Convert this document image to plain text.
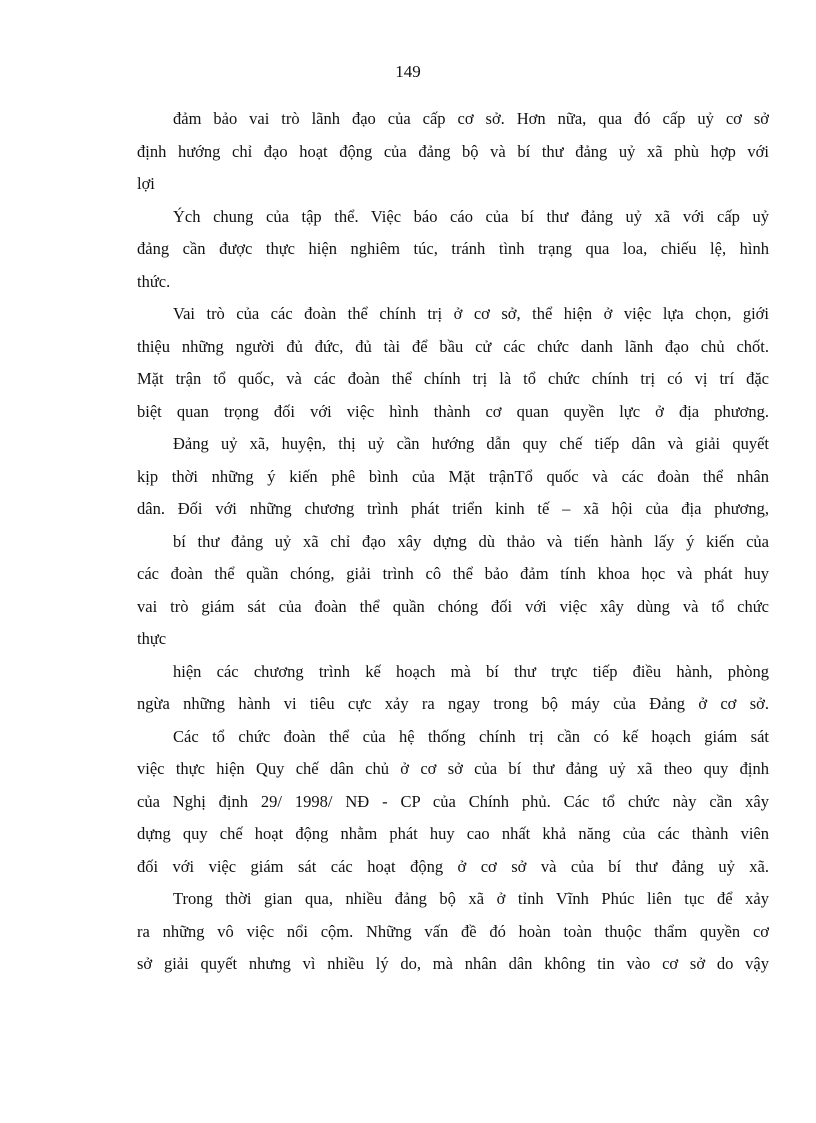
149
đảm bảo vai trò lãnh đạo của cấp cơ sở. Hơn nữa, qua đó cấp uỷ cơ sở
định hướng chỉ đạo hoạt động của đảng bộ và bí thư đảng uỷ xã phù hợp với
lợi
Ých chung của tập thể. Việc báo cáo của bí thư đảng uỷ xã với cấp uỷ
đảng cần được thực hiện nghiêm túc, tránh tình trạng qua loa, chiếu lệ, hình
thức.
Vai trò của các đoàn thể chính trị ở cơ sở, thể hiện ở việc lựa chọn, giới
thiệu những người đủ đức, đủ tài để bầu cử các chức danh lãnh đạo chủ chốt.
Mặt trận tổ quốc, và các đoàn thể chính trị là tổ chức chính trị có vị trí đặc
biệt quan trọng đối với việc hình thành cơ quan quyền lực ở địa phương.
Đảng uỷ xã, huyện, thị uỷ cần hướng dẫn quy chế tiếp dân và giải quyết
kịp thời những ý kiến phê bình của Mặt trậnTổ quốc và các đoàn thể nhân
dân. Đối với những chương trình phát triển kinh tế – xã hội của địa phương,
bí thư đảng uỷ xã chỉ đạo xây dựng dù thảo và tiến hành lấy ý kiến của
các đoàn thể quần chóng, giải trình cô thể bảo đảm tính khoa học và phát huy
vai trò giám sát của đoàn thể quần chóng đối với việc xây dùng và tổ chức
thực
hiện các chương trình kế hoạch mà bí thư trực tiếp điều hành, phòng
ngừa những hành vi tiêu cực xảy ra ngay trong bộ máy của Đảng ở cơ sở.
Các tổ chức đoàn thể của hệ thống chính trị cần có kế hoạch giám sát
việc thực hiện Quy chế dân chủ ở cơ sở của bí thư đảng uỷ xã theo quy định
của Nghị định 29/ 1998/ NĐ - CP của Chính phủ. Các tổ chức này cần xây
dựng quy chế hoạt động nhằm phát huy cao nhất khả năng của các thành viên
đối với việc giám sát các hoạt động ở cơ sở và của bí thư đảng uỷ xã.
Trong thời gian qua, nhiều đảng bộ xã ở tỉnh Vĩnh Phúc liên tục để xảy
ra những vô việc nổi cộm. Những vấn đề đó hoàn toàn thuộc thẩm quyền cơ
sở giải quyết nhưng vì nhiều lý do, mà nhân dân không tin vào cơ sở do vậy
